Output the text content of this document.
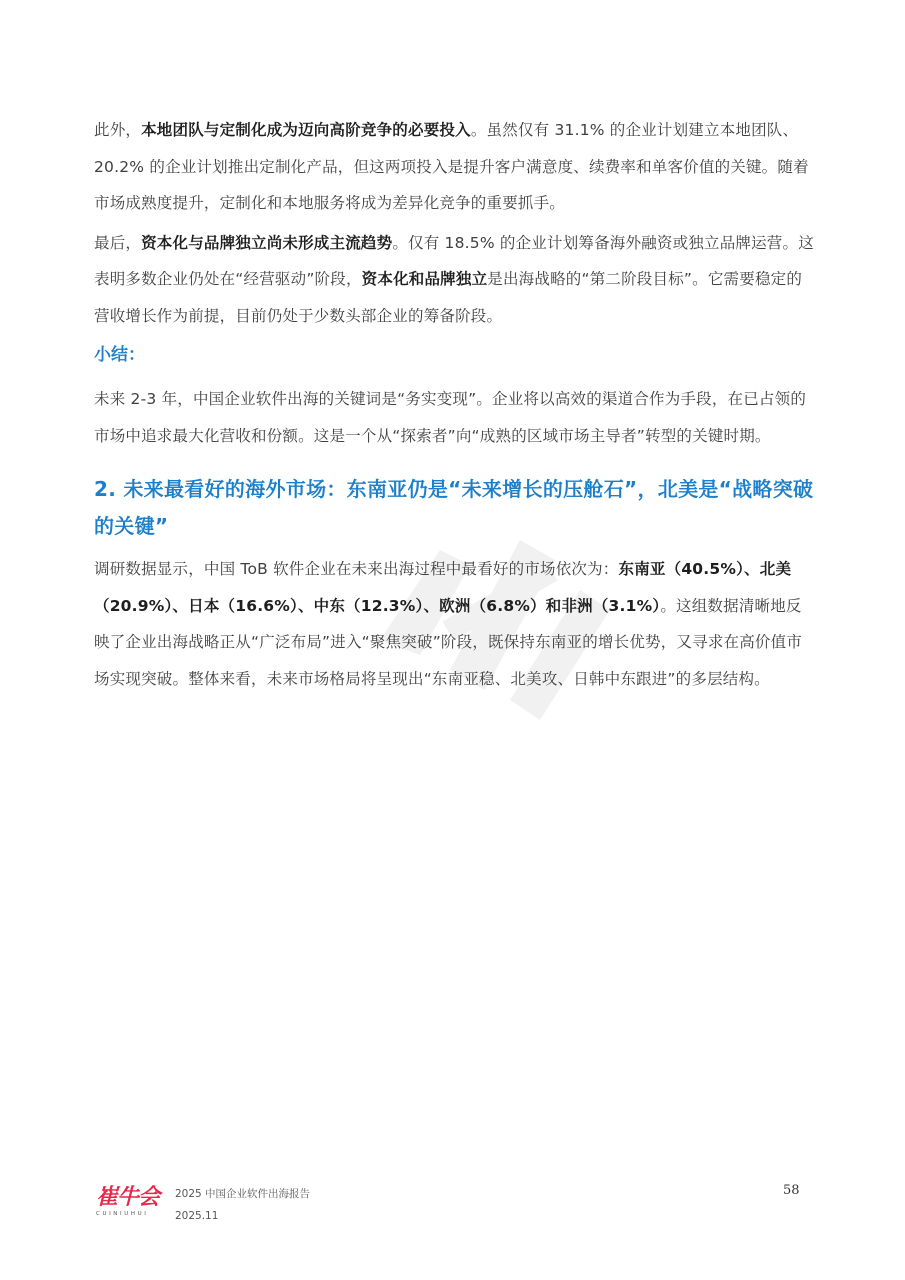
此外，本地团队与定制化成为迈向高阶竞争的必要投入。虽然仅有 31.1% 的企业计划建立本地团队、20.2% 的企业计划推出定制化产品，但这两项投入是提升客户满意度、续费率和单客价值的关键。随着市场成熟度提升，定制化和本地服务将成为差异化竞争的重要抓手。

最后，资本化与品牌独立尚未形成主流趋势。仅有 18.5% 的企业计划筹备海外融资或独立品牌运营。这表明多数企业仍处在“经营驱动”阶段，资本化和品牌独立是出海战略的“第二阶段目标”。它需要稳定的营收增长作为前提，目前仍处于少数头部企业的筹备阶段。

小结：

未来 2-3 年，中国企业软件出海的关键词是“务实变现”。企业将以高效的渠道合作为手段，在已占领的市场中追求最大化营收和份额。这是一个从“探索者”向“成熟的区域市场主导者”转型的关键时期。

2. 未来最看好的海外市场：东南亚仍是“未来增长的压舱石”，北美是“战略突破的关键”

调研数据显示，中国 ToB 软件企业在未来出海过程中最看好的市场依次为：东南亚（40.5%）、北美（20.9%）、日本（16.6%）、中东（12.3%）、欧洲（6.8%）和非洲（3.1%）。这组数据清晰地反映了企业出海战略正从“广泛布局”进入“聚焦突破”阶段，既保持东南亚的增长优势，又寻求在高价值市场实现突破。整体来看，未来市场格局将呈现出“东南亚稳、北美攻、日韩中东跟进”的多层结构。

崔牛会
CUINIUHUI
2025 中国企业软件出海报告
2025.11
58
